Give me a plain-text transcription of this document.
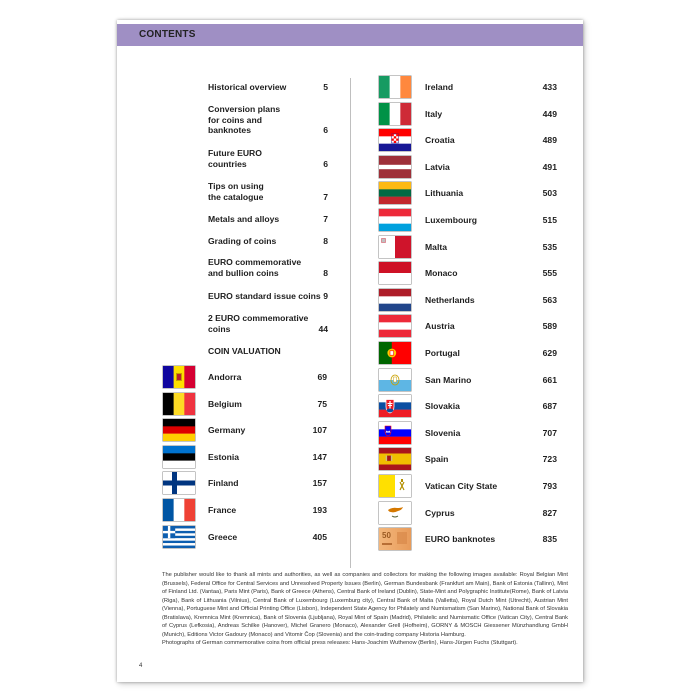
CONTENTS
Historical overview	5
Conversion plans
for coins and
banknotes	6
Future EURO
countries	6
Tips on using
the catalogue	7
Metals and alloys	7
Grading of coins	8
EURO commemorative
and bullion coins	8
EURO standard issue coins 9
2 EURO commemorative
coins	44
COIN VALUATION
Andorra	69
Belgium	75
Germany	107
Estonia	147
Finland	157
France	193
Greece	405
Ireland	433
Italy	449
Croatia	489
Latvia	491
Lithuania	503
Luxembourg	515
Malta	535
Monaco	555
Netherlands	563
Austria	589
Portugal	629
San Marino	661
Slovakia	687
Slovenia	707
Spain	723
Vatican City State	793
Cyprus	827
50	EURO banknotes	835

The publisher would like to thank all mints and authorities, as well as companies and collectors for making the following images available: Royal Belgian Mint (Brussels), Federal Office for Central Services and Unresolved Property Issues (Berlin), German Bundesbank (Frankfurt am Main), Bank of Estonia (Tallinn), Mint of Finland Ltd. (Vantaa), Paris Mint (Paris), Bank of Greece (Athens), Central Bank of Ireland (Dublin), State-Mint and Polygraphic Institute(Rome), Bank of Latvia (Riga), Bank of Lithuania (Vilnius), Central Bank of Luxembourg (Luxemburg city), Central Bank of Malta (Valletta), Royal Dutch Mint (Utrecht), Austrian Mint (Vienna), Portuguese Mint and Official Printing Office (Lisbon), Independent State Agency for Philately and Numismatism (San Marino), National Bank of Slovakia (Bratislava), Kremnica Mint (Kremnica), Bank of Slovenia (Ljubljana), Royal Mint of Spain (Madrid), Philatelic and Numismatic Office (Vatican City), Central Bank of Cyprus (Lefkosia), Andreas Schilke (Hanover), Michel Granero (Monaco), Alexander Grell (Hofheim), GORNY & MOSCH Giessener Münzhandlung GmbH (Munich), Editions Victor Gadoury (Monaco) and Vitomir Čop (Slovenia) and the coin-trading company Historia Hamburg.

Photographs of German commemorative coins from official press releases: Hans-Joachim Wuthenow (Berlin), Hans-Jürgen Fuchs (Stuttgart).

4
